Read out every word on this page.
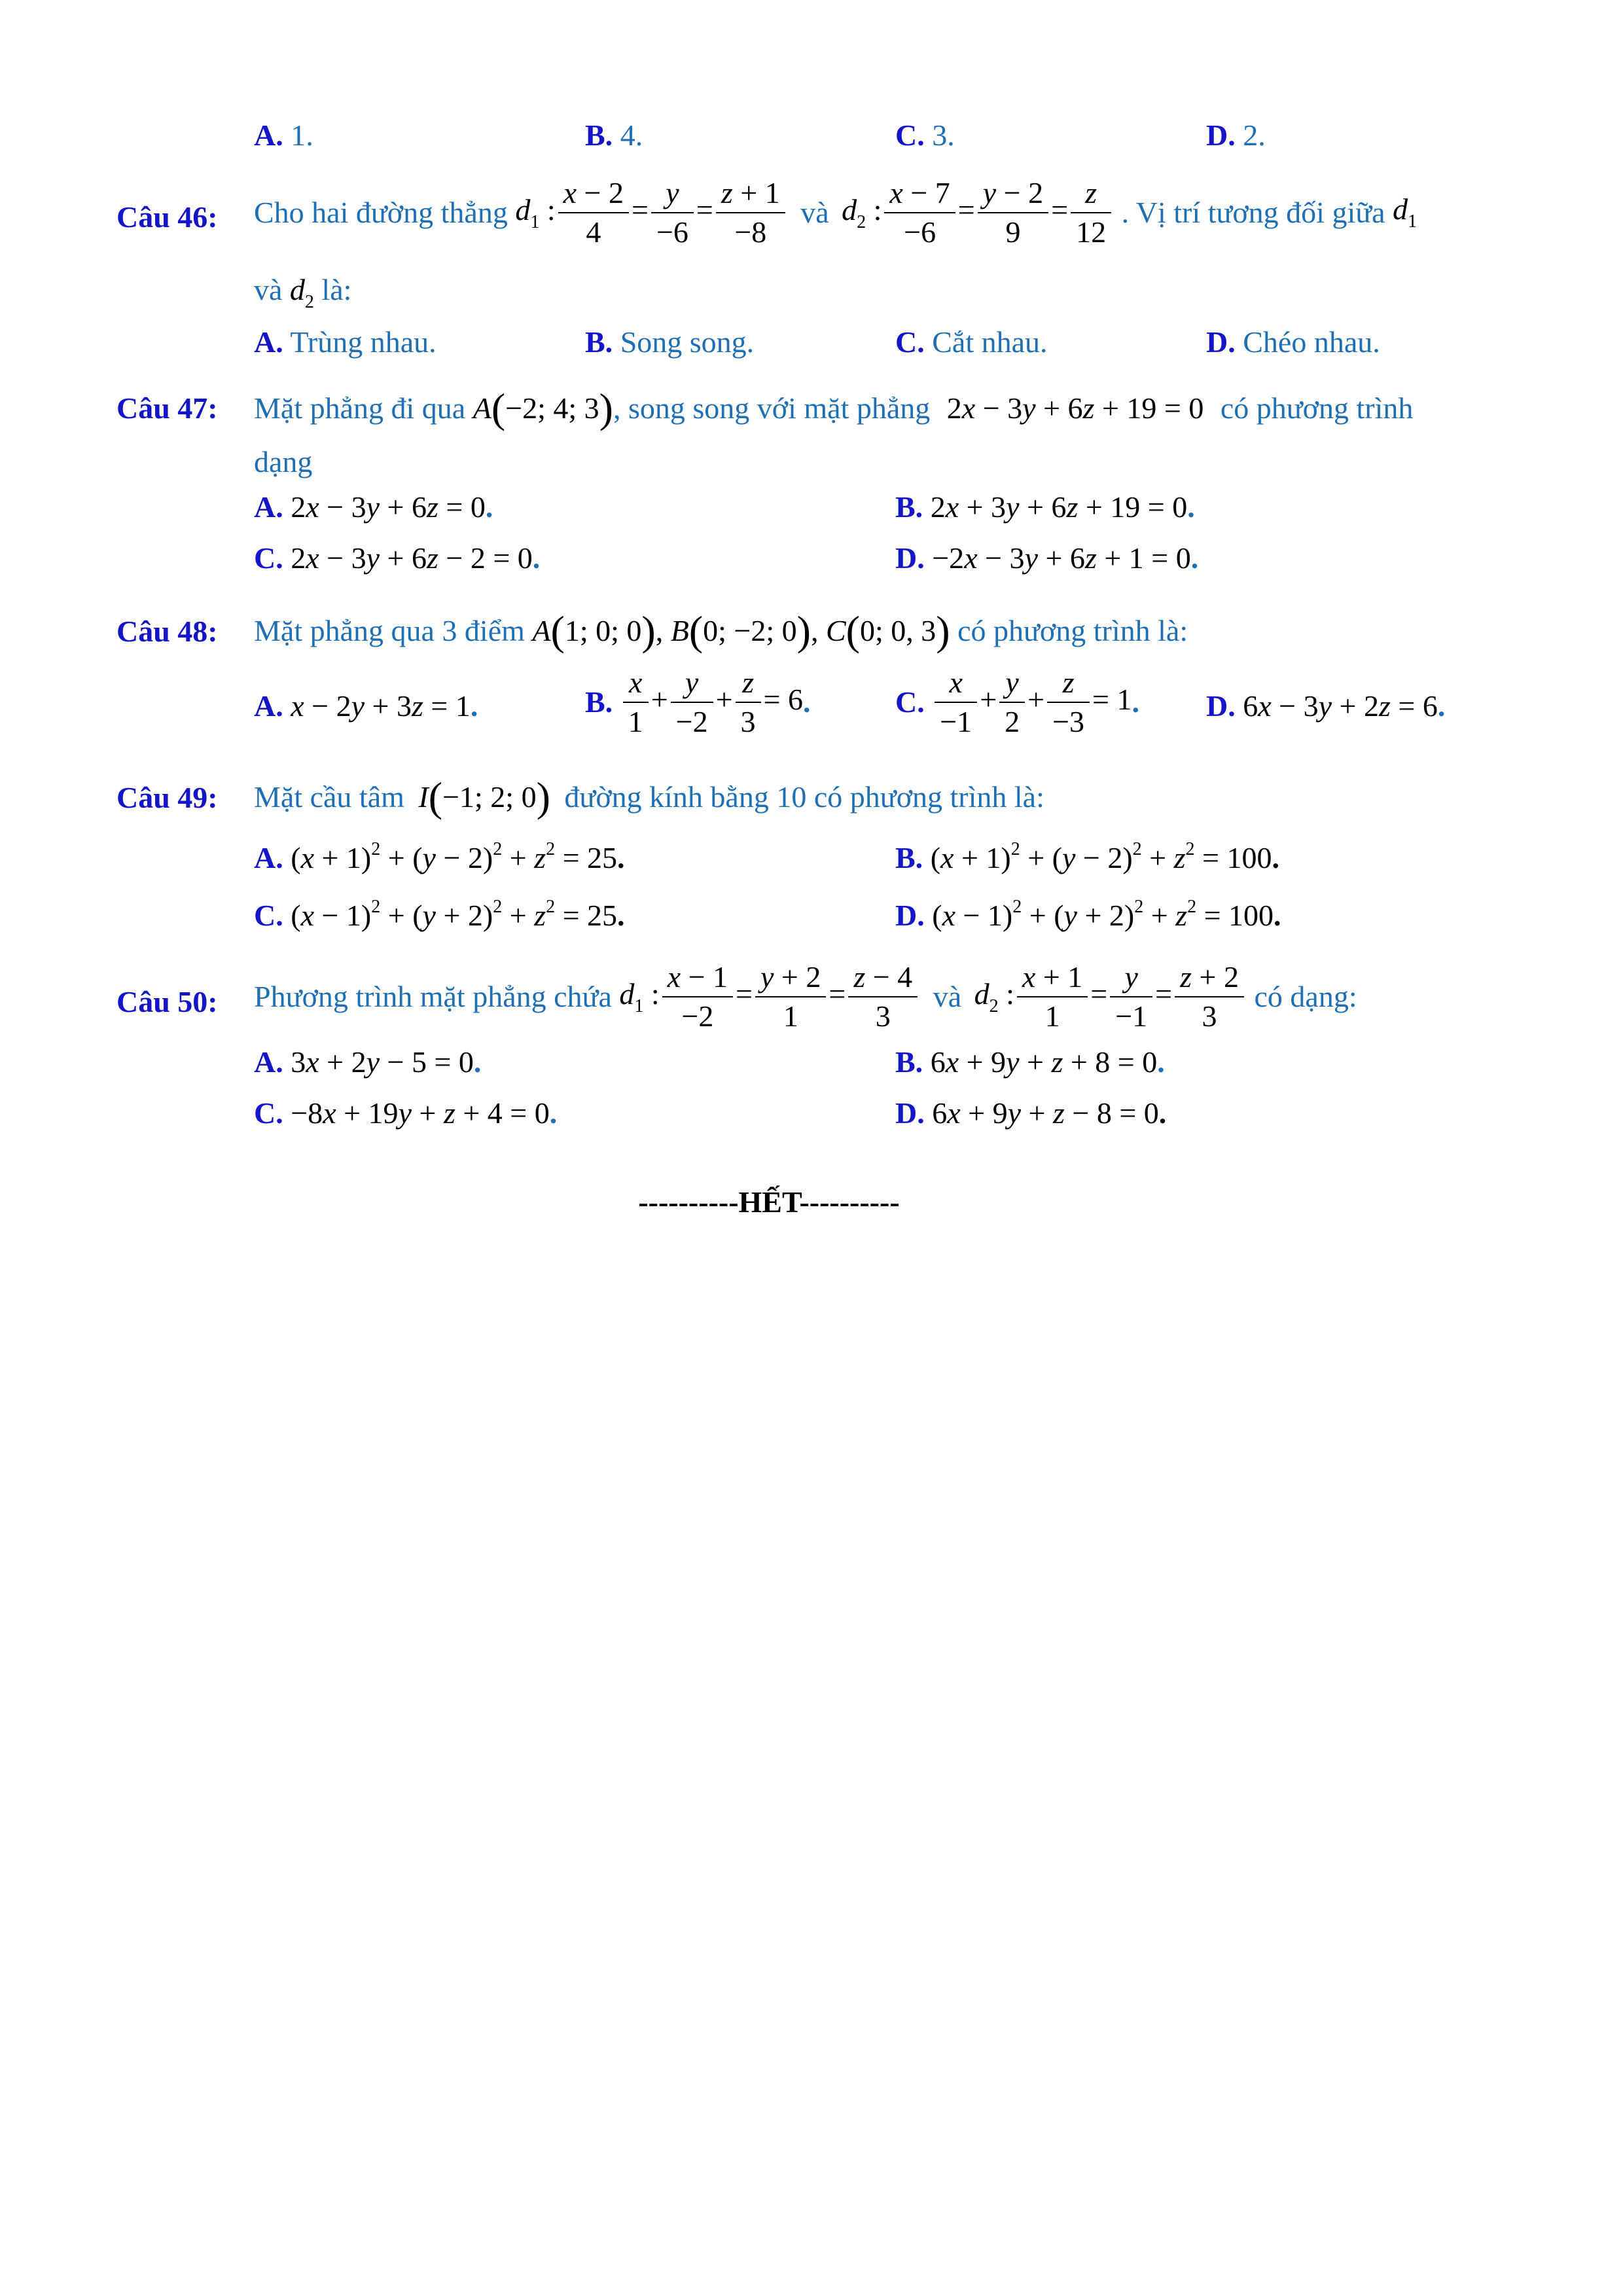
A. 1.	B. 4.	C. 3.	D. 2.
Câu 46: Cho hai đường thẳng $d_1$ : $\frac{x - 2}{4} = \frac{y}{-6} = \frac{z + 1}{-8}$ và $d_2$ : $\frac{x - 7}{-6} = \frac{y - 2}{9} = \frac{z}{12}$ . Vị trí tương đối giữa $d_1$
và $d_2$ là:
A. Trùng nhau.	B. Song song.	C. Cắt nhau.	D. Chéo nhau.
Câu 47: Mặt phẳng đi qua A(−2; 4; 3), song song với mặt phẳng 2x − 3y + 6z + 19 = 0 có phương trình
dạng
A. 2x − 3y + 6z = 0.	B. 2x + 3y + 6z + 19 = 0.
C. 2x − 3y + 6z − 2 = 0.	D. −2x − 3y + 6z + 1 = 0.
Câu 48: Mặt phẳng qua 3 điểm A(1; 0; 0), B(0; −2; 0), C(0; 0, 3) có phương trình là:
A. x − 2y + 3z = 1.	B. $\frac{x}{1} + \frac{y}{-2} + \frac{z}{3} = 6$.	C. $\frac{x}{-1} + \frac{y}{2} + \frac{z}{-3} = 1$. D. 6x − 3y + 2z = 6.
Câu 49: Mặt cầu tâm I(−1; 2; 0) đường kính bằng 10 có phương trình là:
A. $(x + 1)^2 + (y - 2)^2 + z^2 = 25$.	B. $(x + 1)^2 + (y - 2)^2 + z^2 = 100$.
C. $(x - 1)^2 + (y + 2)^2 + z^2 = 25$.	D. $(x - 1)^2 + (y + 2)^2 + z^2 = 100$.
Câu 50: Phương trình mặt phẳng chứa $d_1$ : $\frac{x - 1}{-2} = \frac{y + 2}{1} = \frac{z - 4}{3}$ và $d_2$ : $\frac{x + 1}{1} = \frac{y}{-1} = \frac{z + 2}{3}$ có dạng:
A. 3x + 2y − 5 = 0.	B. 6x + 9y + z + 8 = 0.
C. −8x + 19y + z + 4 = 0.	D. 6x + 9y + z − 8 = 0.
----------HẾT----------
